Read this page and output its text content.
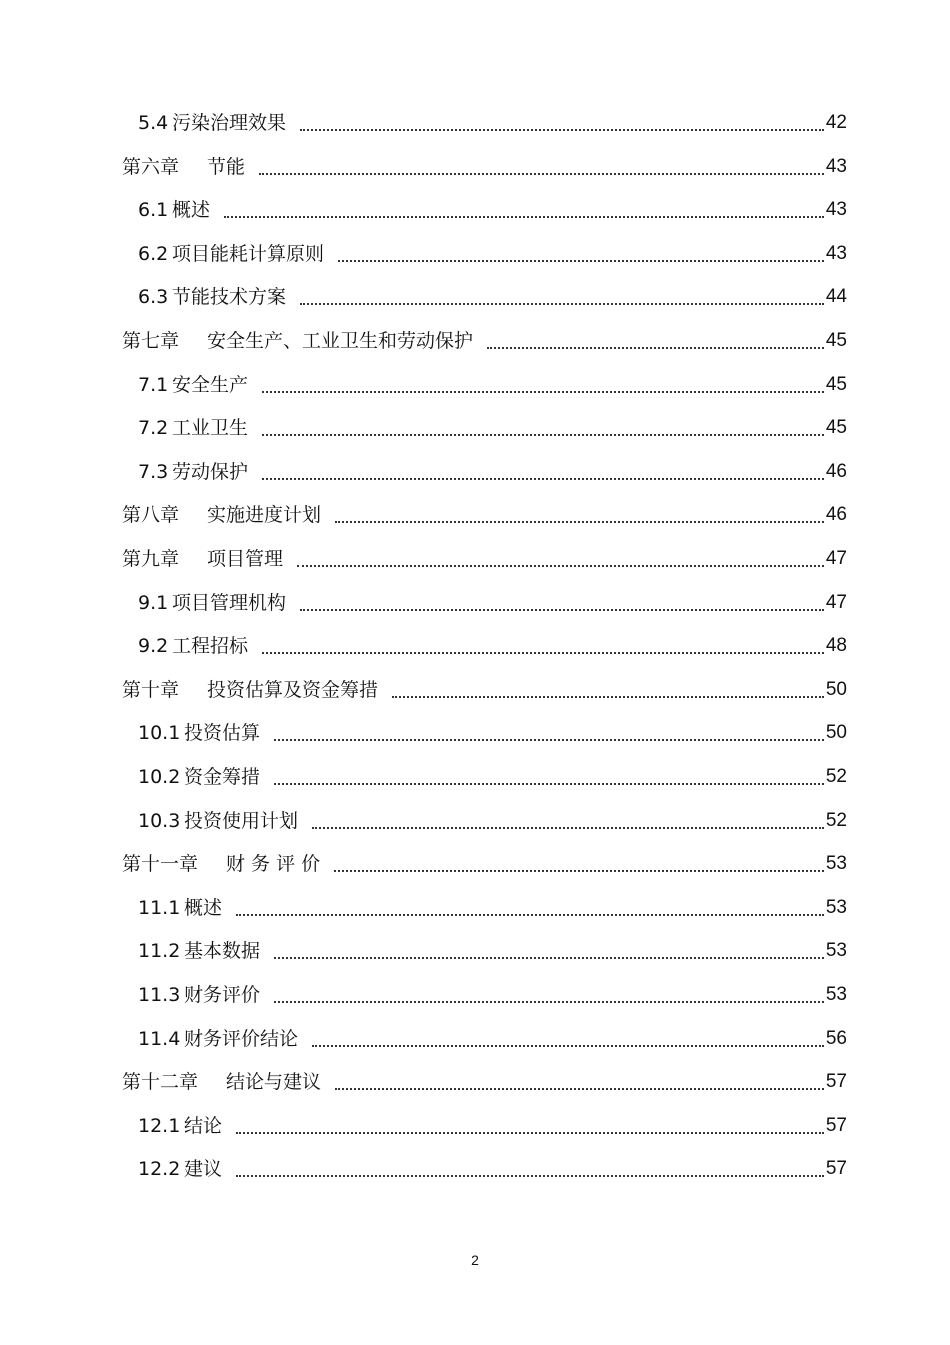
5.4 污染治理效果	42
第六章 节能	43
6.1 概述	43
6.2 项目能耗计算原则	43
6.3 节能技术方案	44
第七章 安全生产、工业卫生和劳动保护	45
7.1 安全生产	45
7.2 工业卫生	45
7.3 劳动保护	46
第八章 实施进度计划	46
第九章 项目管理	47
9.1 项目管理机构	47
9.2 工程招标	48
第十章 投资估算及资金筹措	50
10.1 投资估算	50
10.2 资金筹措	52
10.3 投资使用计划	52
第十一章 财 务 评 价	53
11.1 概述	53
11.2 基本数据	53
11.3 财务评价	53
11.4 财务评价结论	56
第十二章 结论与建议	57
12.1 结论	57
12.2 建议	57
2
